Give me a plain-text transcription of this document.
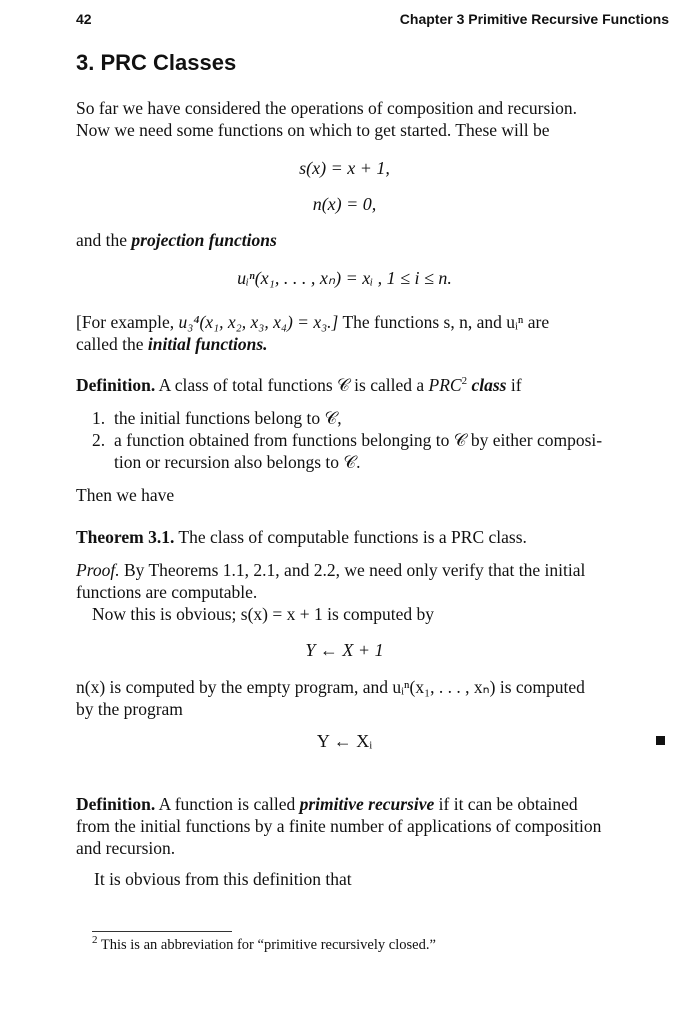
42	Chapter 3 Primitive Recursive Functions
3. PRC Classes
So far we have considered the operations of composition and recursion.
Now we need some functions on which to get started. These will be
s(x) = x + 1,
n(x) = 0,
and the projection functions
uᵢⁿ(x₁, . . . , xₙ) = xᵢ , 1 ≤ i ≤ n.
[For example, u₃⁴(x₁, x₂, x₃, x₄) = x₃.] The functions s, n, and uᵢⁿ are
called the initial functions.
Definition. A class of total functions 𝒞 is called a PRC$^2$ class if
1. the initial functions belong to 𝒞,
2. a function obtained from functions belonging to 𝒞 by either composi-
tion or recursion also belongs to 𝒞.
Then we have
Theorem 3.1. The class of computable functions is a PRC class.
Proof. By Theorems 1.1, 2.1, and 2.2, we need only verify that the initial
functions are computable.
Now this is obvious; s(x) = x + 1 is computed by
Y ← X + 1
n(x) is computed by the empty program, and uᵢⁿ(x₁, . . . , xₙ) is computed
by the program
Y ← Xᵢ
Definition. A function is called primitive recursive if it can be obtained
from the initial functions by a finite number of applications of composition
and recursion.
It is obvious from this definition that
$^2$ This is an abbreviation for “primitive recursively closed.”
